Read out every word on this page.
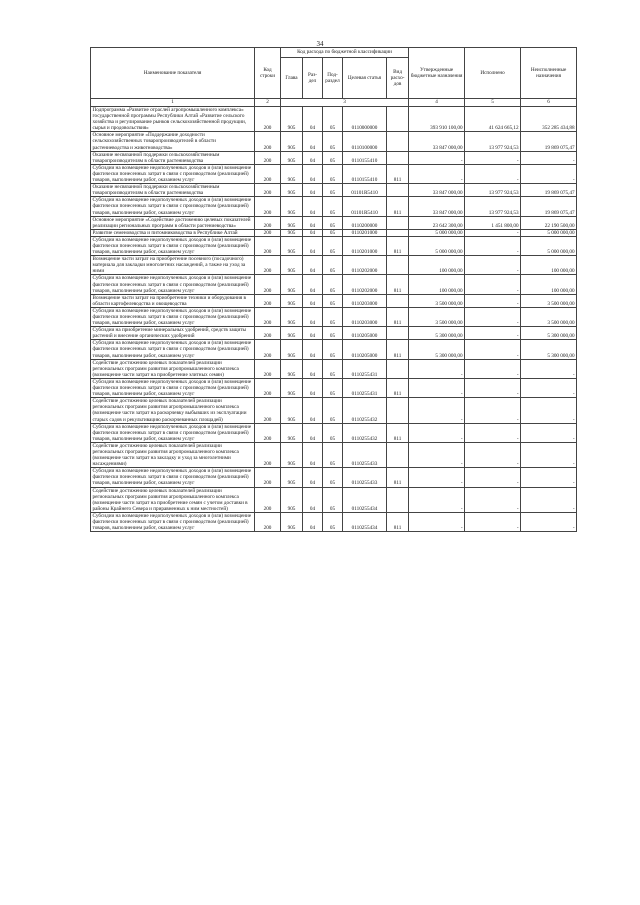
34
Наименование показателя	Код строки	Код расхода по бюджетной классификации					Утвержденные бюджетные назначения	Исполнено	Неисполненные назначения
		Глава	Раз-дел	Под-раздел	Целевая статья	Вид расхо-дов			
1	2	3					4	5	6
Подпрограмма «Развитие отраслей агропромышленного комплекса» государственной программы Республики Алтай «Развитие сельского хозяйства и регулирование рынков сельскохозяйственной продукции, сырья и продовольствия»	200	905	04	05	0110000000		393 910 100,00	41 624 665,12	352 285 434,88
Основное мероприятие «Поддержание доходности сельскохозяйственных товаропроизводителей в области растениеводства и животноводства»	200	905	04	05	0110100000		33 847 000,00	13 977 924,53	19 869 075,47
Оказание несвязанной поддержки сельскохозяйственным товаропроизводителям в области растениеводства	200	905	04	05	0110155410		-	-	-
Субсидии на возмещение недополученных доходов и (или) возмещение фактически понесенных затрат в связи с производством (реализацией) товаров, выполнением работ, оказанием услуг	200	905	04	05	0110155410	811	-	-	-
Оказание несвязанной поддержки сельскохозяйственным товаропроизводителям в области растениеводства	200	905	04	05	01101R5410		33 847 000,00	13 977 924,53	19 869 075,47
Субсидии на возмещение недополученных доходов и (или) возмещение фактически понесенных затрат в связи с производством (реализацией) товаров, выполнением работ, оказанием услуг	200	905	04	05	01101R5410	811	33 847 000,00	13 977 924,53	19 869 075,47
Основное мероприятие «Содействие достижению целевых показателей реализации региональных программ в области растениеводства»	200	905	04	05	0110200000		23 642 300,00	1 451 800,00	22 190 500,00
Развитие семеноводства и питомниководства в Республике Алтай	200	905	04	05	0110201000		5 000 000,00	-	5 000 000,00
Субсидии на возмещение недополученных доходов и (или) возмещение фактически понесенных затрат в связи с производством (реализацией) товаров, выполнением работ, оказанием услуг	200	905	04	05	0110201000	811	5 000 000,00	-	5 000 000,00
Возмещение части затрат на приобретение посевного (посадочного) материала для закладки многолетних насаждений, а также на уход за ними	200	905	04	05	0110202000		100 000,00	-	100 000,00
Субсидии на возмещение недополученных доходов и (или) возмещение фактически понесенных затрат в связи с производством (реализацией) товаров, выполнением работ, оказанием услуг	200	905	04	05	0110202000	811	100 000,00	-	100 000,00
Возмещение части затрат на приобретение техники и оборудования в области картофелеводства и овощеводства	200	905	04	05	0110203000		3 500 000,00	-	3 500 000,00
Субсидии на возмещение недополученных доходов и (или) возмещение фактически понесенных затрат в связи с производством (реализацией) товаров, выполнением работ, оказанием услуг	200	905	04	05	0110203000	811	3 500 000,00	-	3 500 000,00
Субсидии на приобретение минеральных удобрений, средств защиты растений и внесение органических удобрений	200	905	04	05	0110205000		5 300 000,00	-	5 300 000,00
Субсидии на возмещение недополученных доходов и (или) возмещение фактически понесенных затрат в связи с производством (реализацией) товаров, выполнением работ, оказанием услуг	200	905	04	05	0110205000	811	5 300 000,00	-	5 300 000,00
Содействие достижению целевых показателей реализации региональных программ развития агропромышленного комплекса (возмещение части затрат на приобретение элитных семян)	200	905	04	05	0110255431		-	-	-
Субсидии на возмещение недополученных доходов и (или) возмещение фактически понесенных затрат в связи с производством (реализацией) товаров, выполнением работ, оказанием услуг	200	905	04	05	0110255431	811	-	-	-
Содействие достижению целевых показателей реализации региональных программ развития агропромышленного комплекса (возмещение части затрат на раскорчевку выбывших из эксплуатации старых садов и рекультивацию раскорчеванных площадей)	200	905	04	05	0110255432		-	-	-
Субсидии на возмещение недополученных доходов и (или) возмещение фактически понесенных затрат в связи с производством (реализацией) товаров, выполнением работ, оказанием услуг	200	905	04	05	0110255432	811	-	-	-
Содействие достижению целевых показателей реализации региональных программ развития агропромышленного комплекса (возмещение части затрат на закладку и уход за многолетними насаждениями)	200	905	04	05	0110255433		-	-	-
Субсидии на возмещение недополученных доходов и (или) возмещение фактически понесенных затрат в связи с производством (реализацией) товаров, выполнением работ, оказанием услуг	200	905	04	05	0110255433	811	-	-	-
Содействие достижению целевых показателей реализации региональных программ развития агропромышленного комплекса (возмещение части затрат на приобретение семян с учетом доставки в районы Крайнего Севера и приравненных к ним местностей)	200	905	04	05	0110255434		-	-	-
Субсидии на возмещение недополученных доходов и (или) возмещение фактически понесенных затрат в связи с производством (реализацией) товаров, выполнением работ, оказанием услуг	200	905	04	05	0110255434	811	-	-	-
